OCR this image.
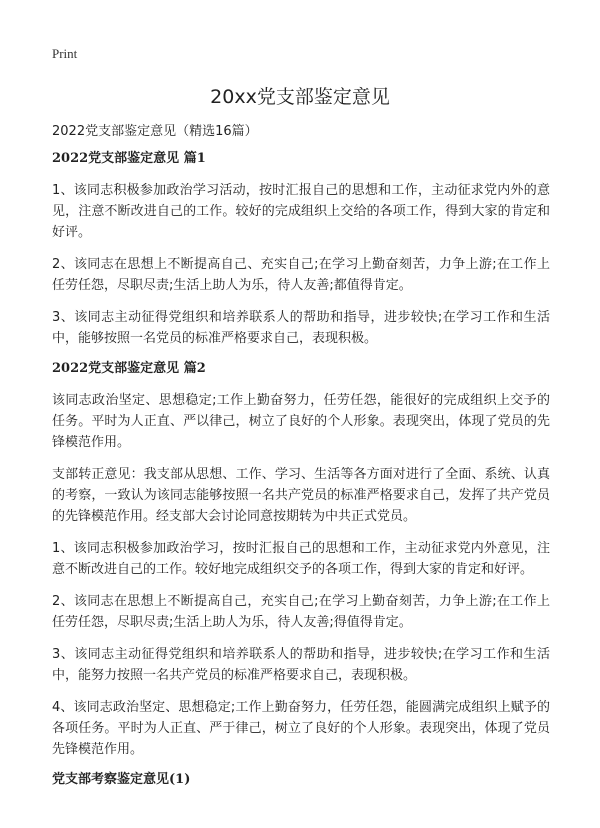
Print
20xx党支部鉴定意见

2022党支部鉴定意见（精选16篇）

2022党支部鉴定意见 篇1

1、该同志积极参加政治学习活动，按时汇报自己的思想和工作，主动征求党内外的意见，注意不断改进自己的工作。较好的完成组织上交给的各项工作，得到大家的肯定和好评。

2、该同志在思想上不断提高自己、充实自己;在学习上勤奋刻苦，力争上游;在工作上任劳任怨，尽职尽责;生活上助人为乐，待人友善;都值得肯定。

3、该同志主动征得党组织和培养联系人的帮助和指导，进步较快;在学习工作和生活中，能够按照一名党员的标准严格要求自己，表现积极。

2022党支部鉴定意见 篇2

该同志政治坚定、思想稳定;工作上勤奋努力，任劳任怨，能很好的完成组织上交予的任务。平时为人正直、严以律己，树立了良好的个人形象。表现突出，体现了党员的先锋模范作用。

支部转正意见：我支部从思想、工作、学习、生活等各方面对进行了全面、系统、认真的考察，一致认为该同志能够按照一名共产党员的标准严格要求自己，发挥了共产党员的先锋模范作用。经支部大会讨论同意按期转为中共正式党员。

1、该同志积极参加政治学习，按时汇报自己的思想和工作，主动征求党内外意见，注意不断改进自己的工作。较好地完成组织交予的各项工作，得到大家的肯定和好评。

2、该同志在思想上不断提高自己，充实自己;在学习上勤奋刻苦，力争上游;在工作上任劳任怨，尽职尽责;生活上助人为乐，待人友善;得值得肯定。

3、该同志主动征得党组织和培养联系人的帮助和指导，进步较快;在学习工作和生活中，能努力按照一名共产党员的标准严格要求自己，表现积极。

4、该同志政治坚定、思想稳定;工作上勤奋努力，任劳任怨，能圆满完成组织上赋予的各项任务。平时为人正直、严于律己，树立了良好的个人形象。表现突出，体现了党员先锋模范作用。

党支部考察鉴定意见(1)
